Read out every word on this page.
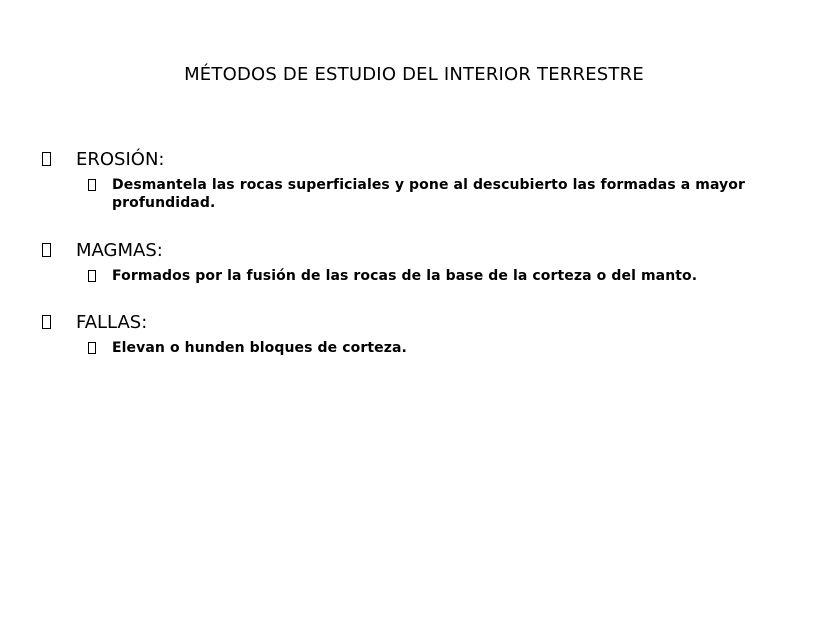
MÉTODOS DE ESTUDIO DEL INTERIOR TERRESTRE
EROSIÓN:
Desmantela las rocas superficiales y pone al descubierto las formadas a mayor profundidad.
MAGMAS:
Formados por la fusión de las rocas de la base de la corteza o del manto.
FALLAS:
Elevan o hunden bloques de corteza.
